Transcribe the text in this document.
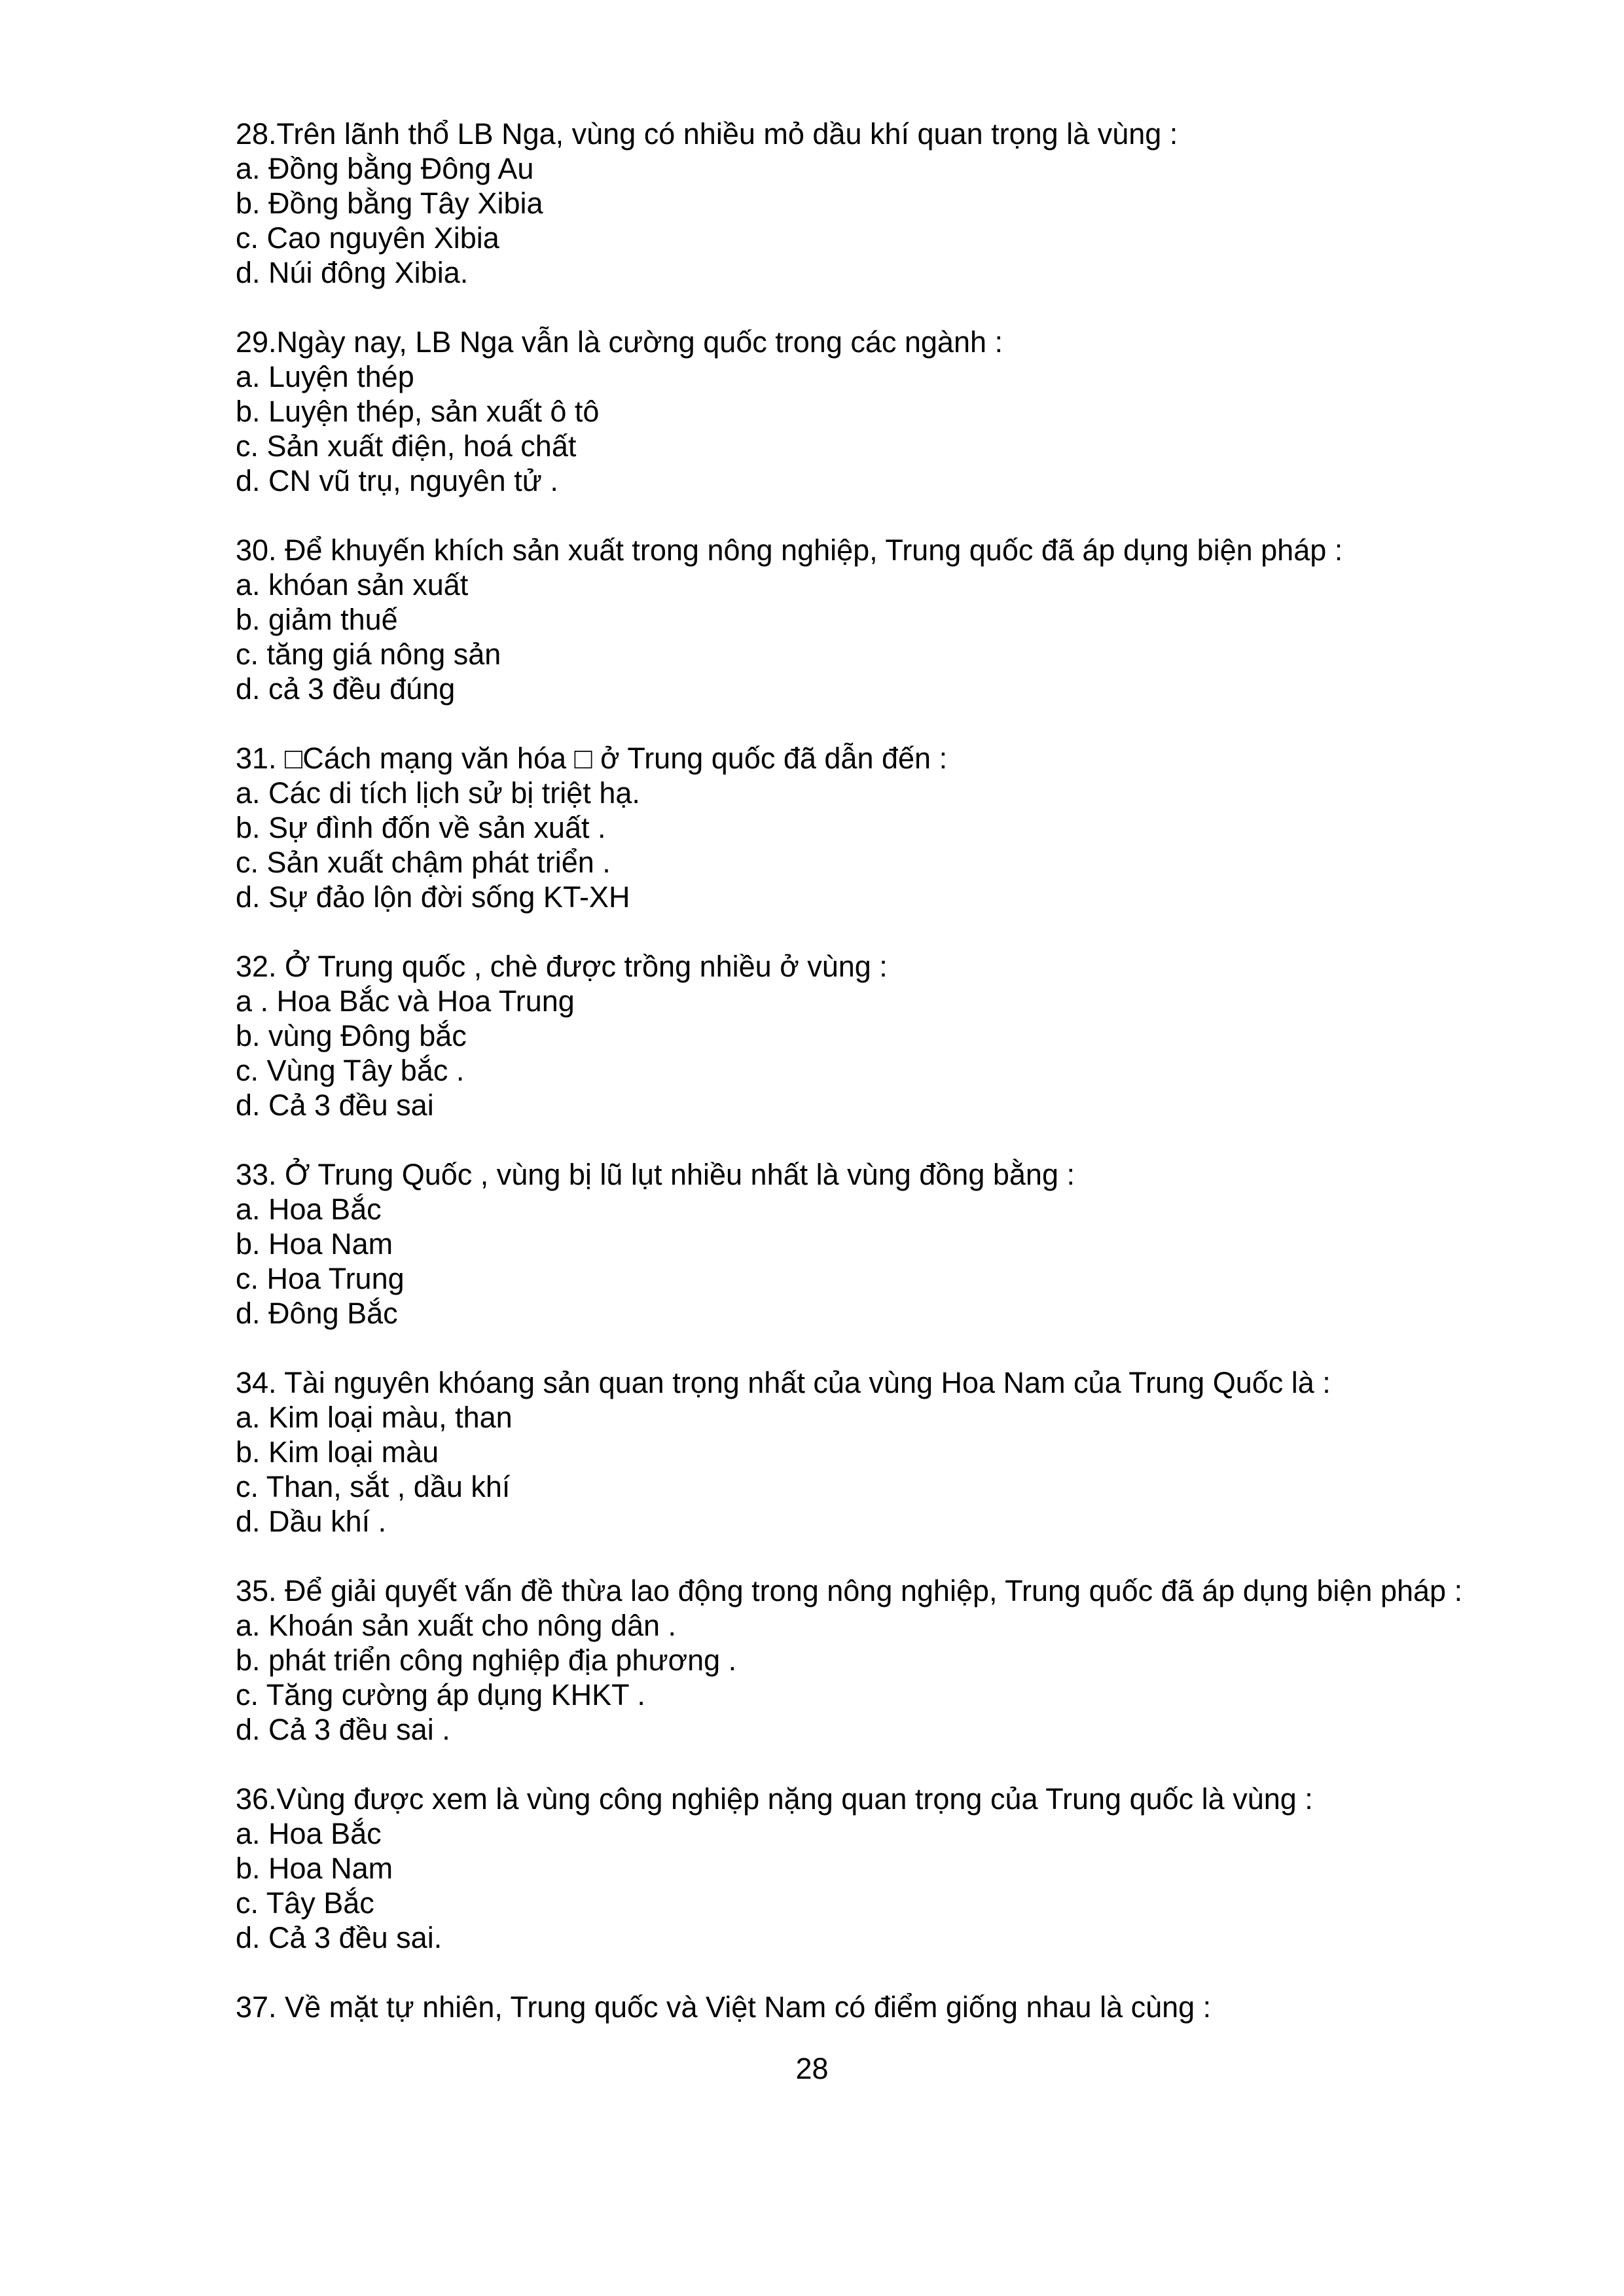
28.Trên lãnh thổ LB Nga, vùng có nhiều mỏ dầu khí quan trọng là vùng :
a. Đồng bằng Đông Au
b. Đồng bằng Tây Xibia
c. Cao nguyên Xibia
d. Núi đông Xibia.
29.Ngày nay, LB Nga vẫn là cường quốc trong các ngành :
a. Luyện thép
b. Luyện thép, sản xuất ô tô
c. Sản xuất điện, hoá chất
d. CN vũ trụ, nguyên tử .
30. Để khuyến khích sản xuất trong nông nghiệp, Trung quốc đã áp dụng biện pháp :
a. khóan sản xuất
b. giảm thuế
c. tăng giá nông sản
d. cả 3 đều đúng
31. □Cách mạng văn hóa □ ở Trung quốc đã dẫn đến :
a. Các di tích lịch sử bị triệt hạ.
b. Sự đình đốn về sản xuất .
c. Sản xuất chậm phát triển .
d. Sự đảo lộn đời sống KT-XH
32. Ở Trung quốc , chè được trồng nhiều ở vùng :
a . Hoa Bắc và Hoa Trung
b. vùng Đông bắc
c. Vùng Tây bắc .
d. Cả 3 đều sai
33. Ở Trung Quốc , vùng bị lũ lụt nhiều nhất là vùng đồng bằng :
a. Hoa Bắc
b. Hoa Nam
c. Hoa Trung
d. Đông Bắc
34. Tài nguyên khóang sản quan trọng nhất của vùng Hoa Nam của Trung Quốc là :
a. Kim loại màu, than
b. Kim loại màu
c. Than, sắt , dầu khí
d. Dầu khí .
35. Để giải quyết vấn đề thừa lao động trong nông nghiệp, Trung quốc đã áp dụng biện pháp :
a. Khoán sản xuất cho nông dân .
b. phát triển công nghiệp địa phương .
c. Tăng cường áp dụng KHKT .
d. Cả 3 đều sai .
36.Vùng được xem là vùng công nghiệp nặng quan trọng của Trung quốc là vùng :
a. Hoa Bắc
b. Hoa Nam
c. Tây Bắc
d. Cả 3 đều sai.
37. Về mặt tự nhiên, Trung quốc và Việt Nam có điểm giống nhau là cùng :
28
